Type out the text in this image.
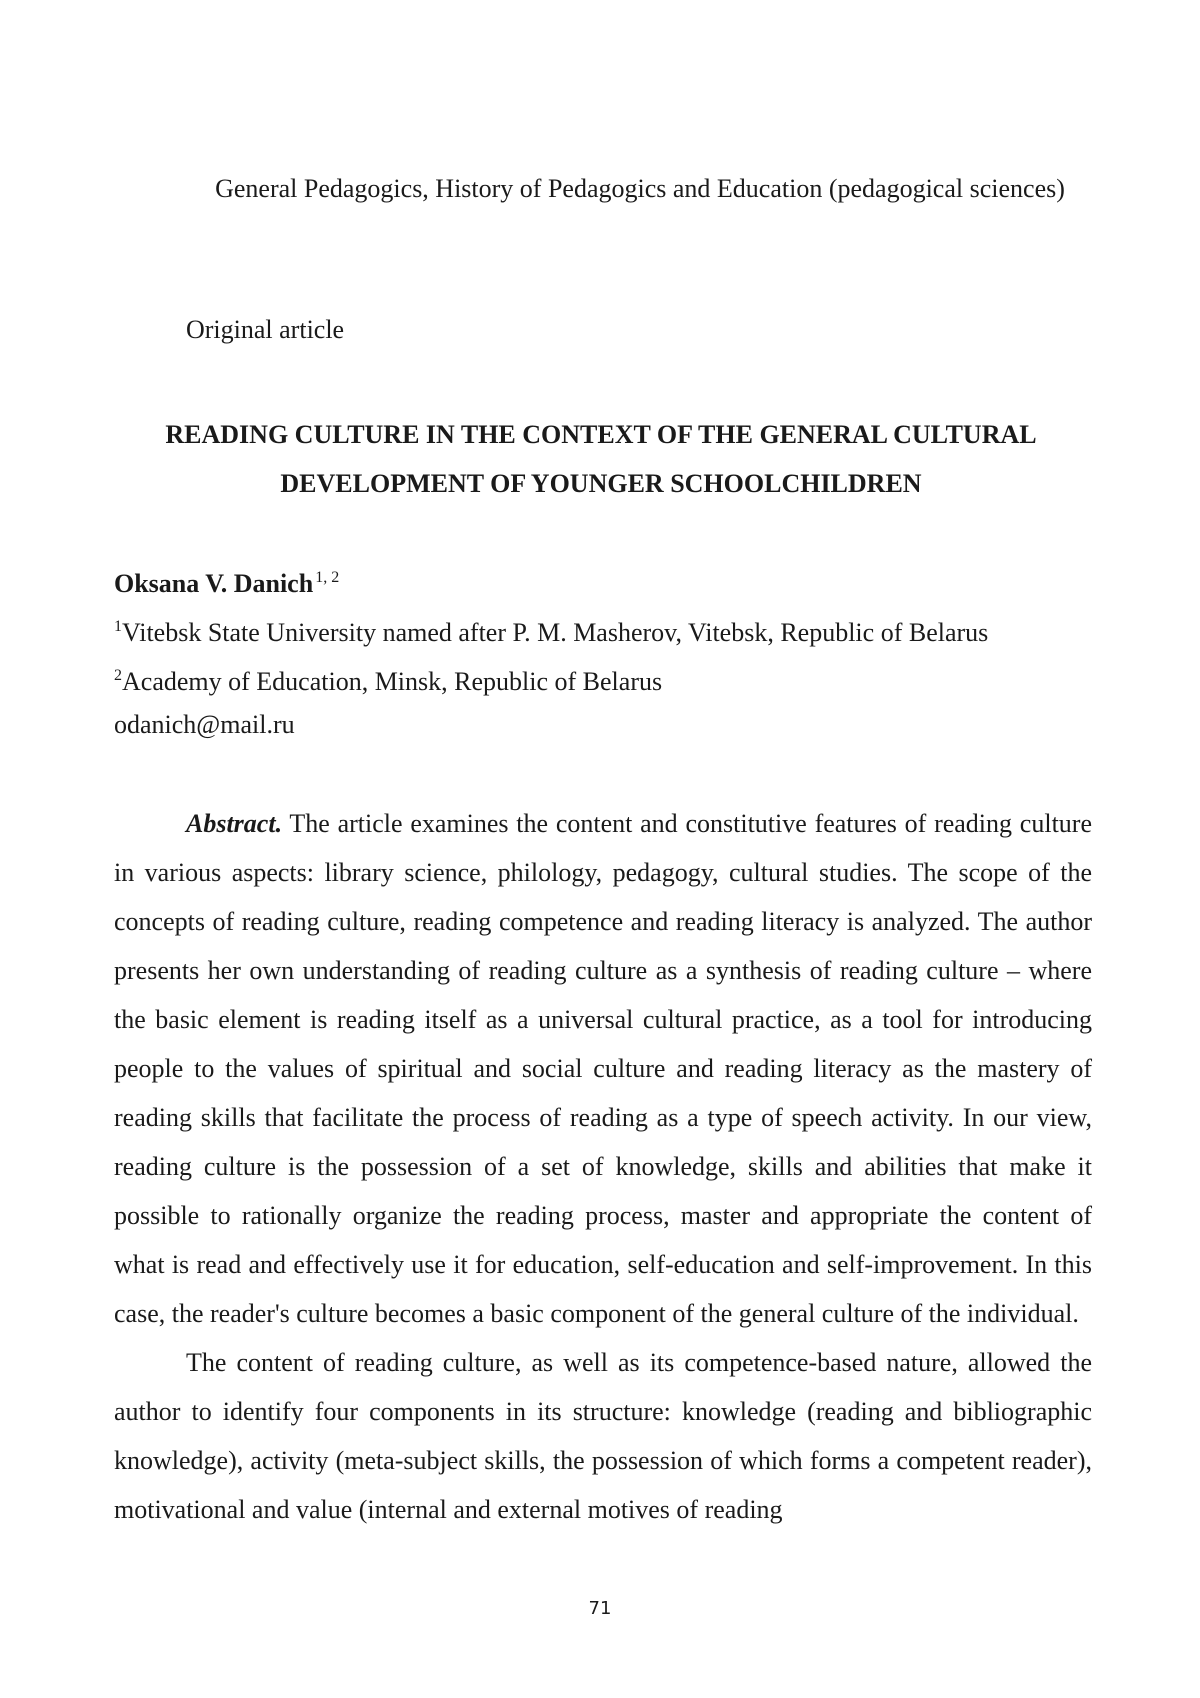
General Pedagogics, History of Pedagogics and Education (pedagogical sciences)
Original article
READING CULTURE IN THE CONTEXT OF THE GENERAL CULTURAL DEVELOPMENT OF YOUNGER SCHOOLCHILDREN
Oksana V. Danich $^{1, 2}$
$^1$Vitebsk State University named after P. M. Masherov, Vitebsk, Republic of Belarus
$^2$Academy of Education, Minsk, Republic of Belarus
odanich@mail.ru

Abstract. The article examines the content and constitutive features of reading culture in various aspects: library science, philology, pedagogy, cultural studies. The scope of the concepts of reading culture, reading competence and reading literacy is analyzed. The author presents her own understanding of reading culture as a synthesis of reading culture – where the basic element is reading itself as a universal cultural practice, as a tool for introducing people to the values of spiritual and social culture and reading literacy as the mastery of reading skills that facilitate the process of reading as a type of speech activity. In our view, reading culture is the possession of a set of knowledge, skills and abilities that make it possible to rationally organize the reading process, master and appropriate the content of what is read and effectively use it for education, self-education and self-improvement. In this case, the reader's culture becomes a basic component of the general culture of the individual.

The content of reading culture, as well as its competence-based nature, allowed the author to identify four components in its structure: knowledge (reading and bibliographic knowledge), activity (meta-subject skills, the possession of which forms a competent reader), motivational and value (internal and external motives of reading

71
